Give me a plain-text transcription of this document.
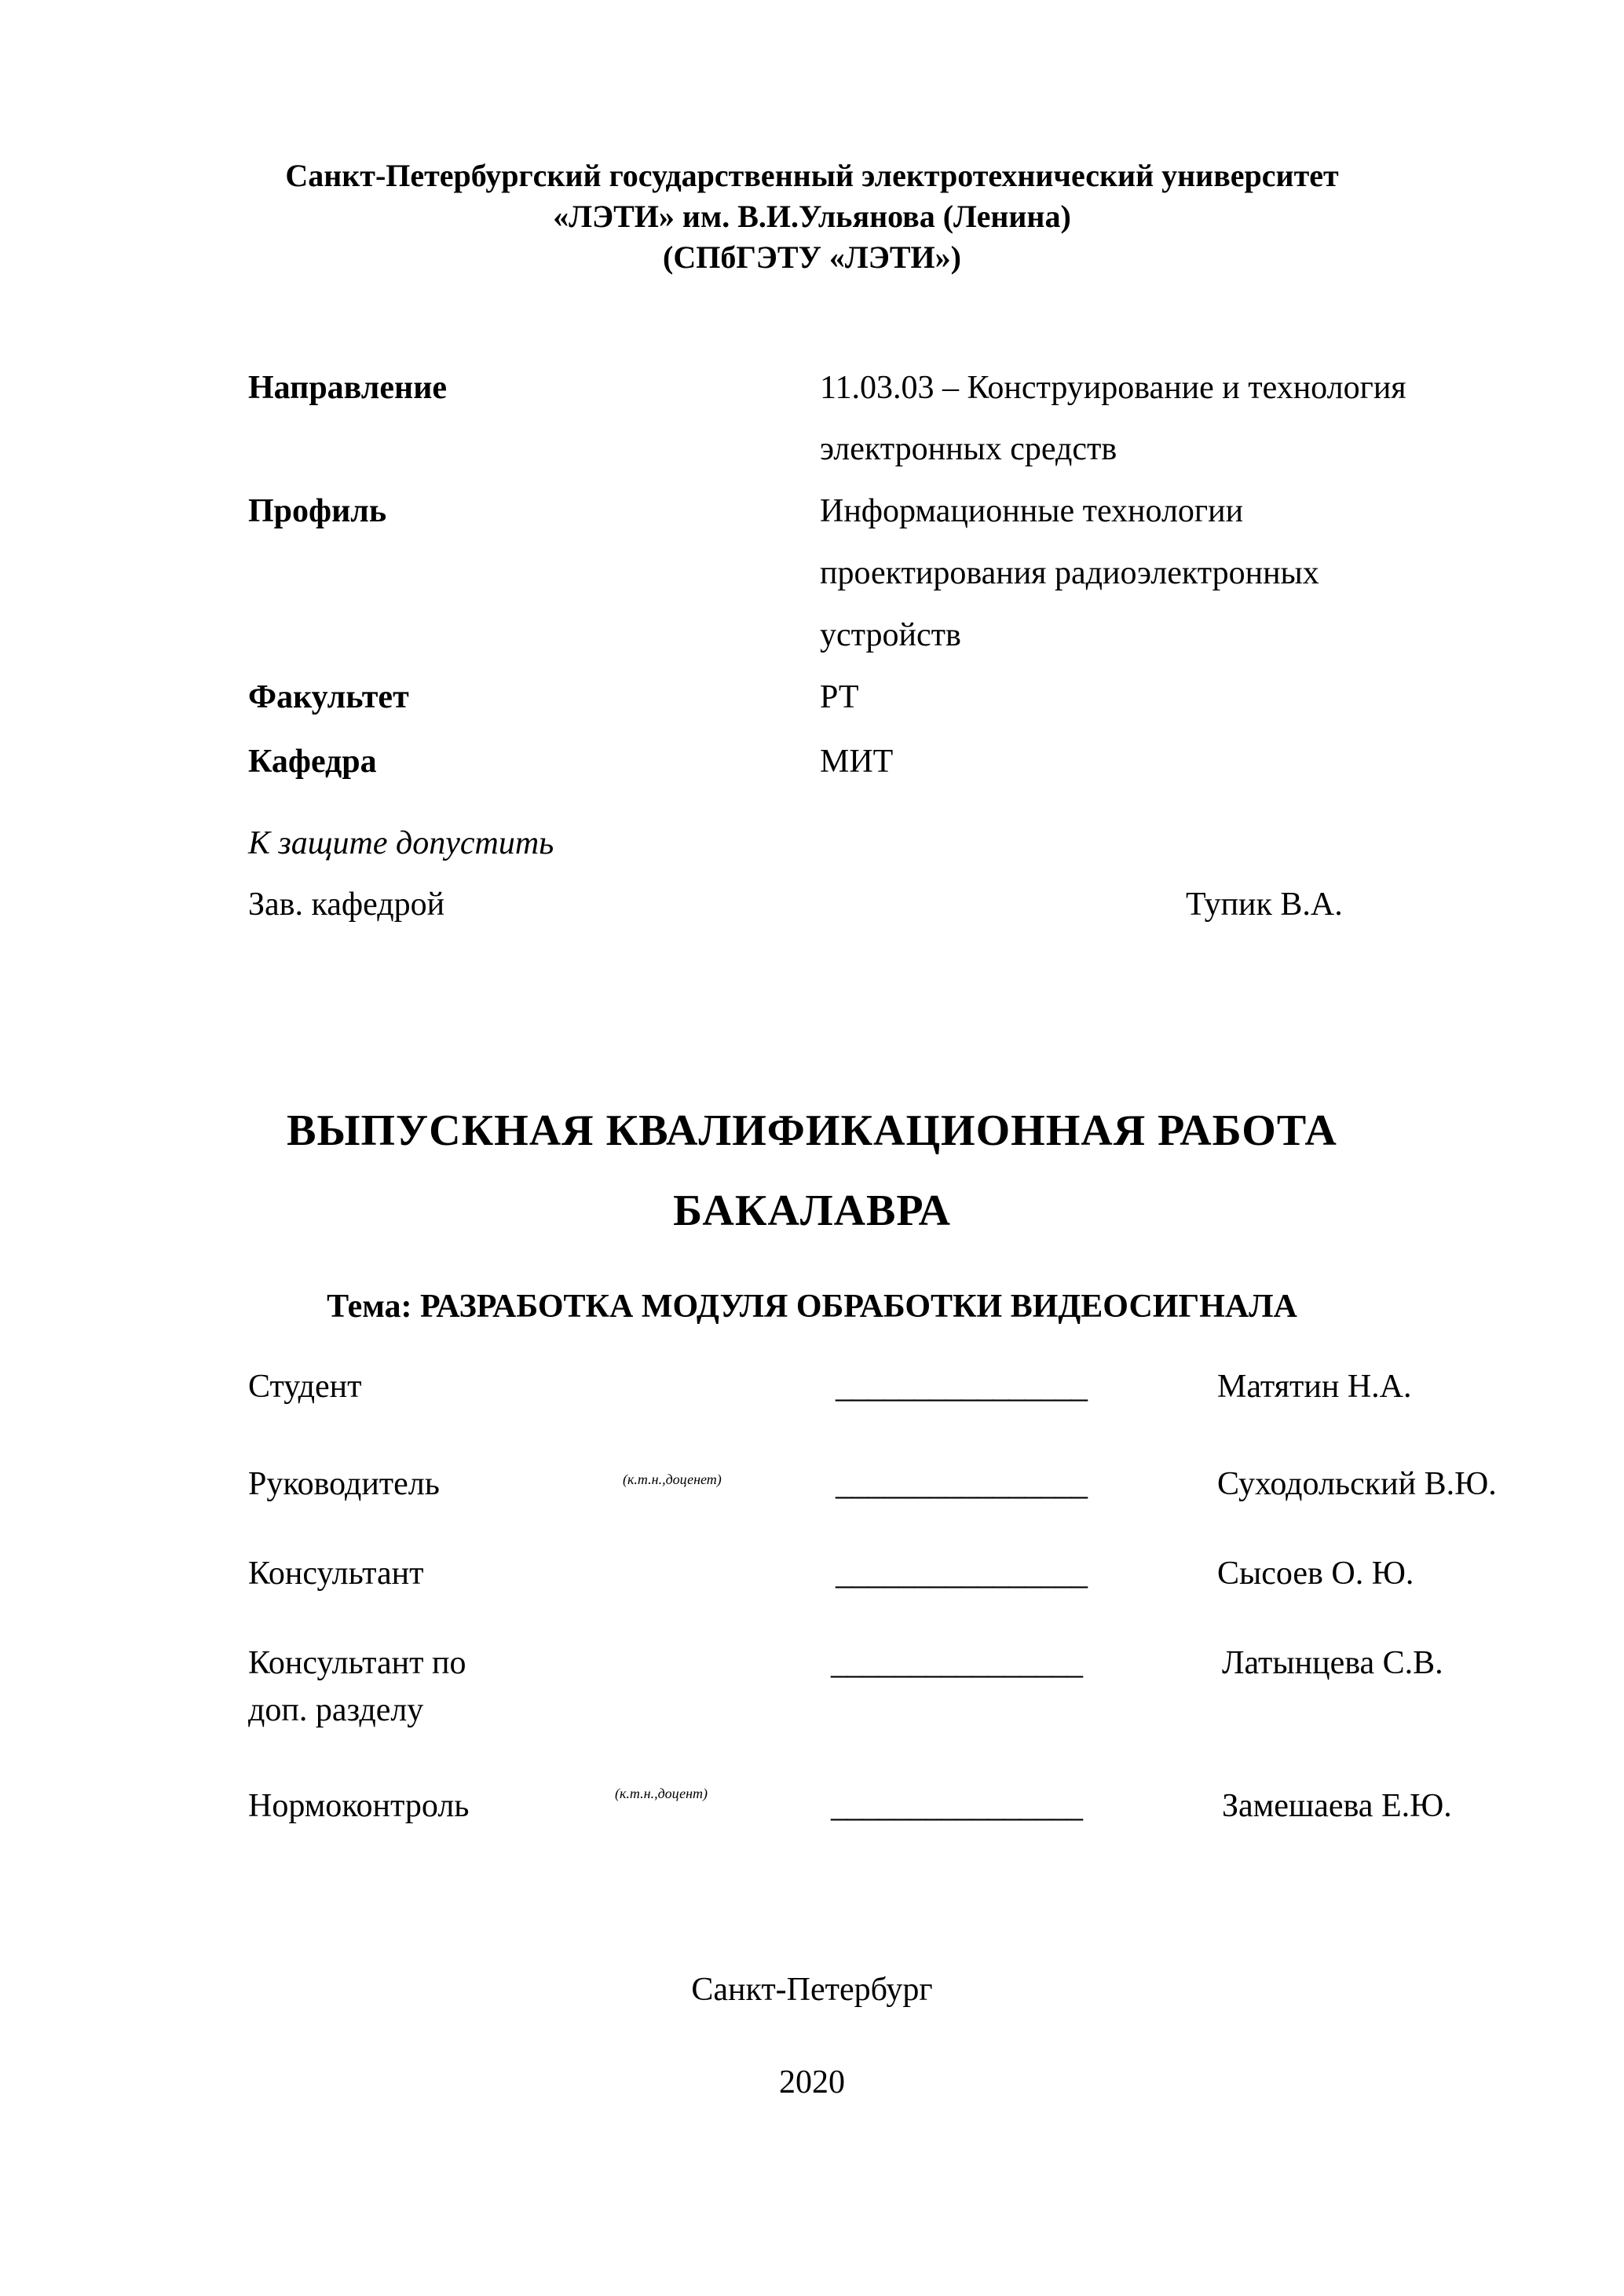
Санкт-Петербургский государственный электротехнический университет
«ЛЭТИ» им. В.И.Ульянова (Ленина)
(СПбГЭТУ «ЛЭТИ»)
Направление	11.03.03 – Конструирование и технология
электронных средств
Профиль	Информационные технологии
проектирования радиоэлектронных
устройств
Факультет	РТ
Кафедра	МИТ
К защите допустить
Зав. кафедрой	Тупик В.А.
ВЫПУСКНАЯ КВАЛИФИКАЦИОННАЯ РАБОТА
БАКАЛАВРА
Тема: РАЗРАБОТКА МОДУЛЯ ОБРАБОТКИ ВИДЕОСИГНАЛА
Студент	________________	Матятин Н.А.
Руководитель	(к.т.н.,доценет)	________________	Суходольский В.Ю.
Консультант	________________	Сысоев О. Ю.
Консультант по
доп. разделу
________________	Латынцева С.В.
Нормоконтроль	(к.т.н.,доцент)	________________	Замешаева Е.Ю.
Санкт-Петербург
2020
